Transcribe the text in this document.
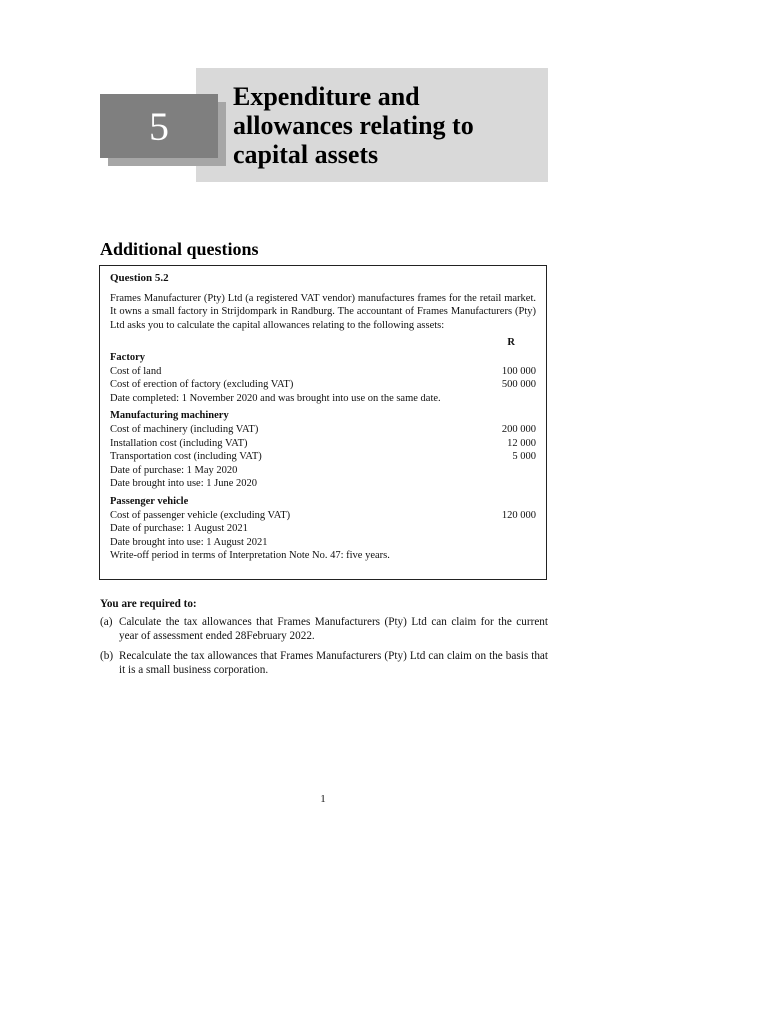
5
Expenditure and allowances relating to capital assets
Additional questions
Question 5.2
Frames Manufacturer (Pty) Ltd (a registered VAT vendor) manufactures frames for the retail market. It owns a small factory in Strijdompark in Randburg. The accountant of Frames Manufacturers (Pty) Ltd asks you to calculate the capital allowances relating to the following assets:
R
Factory
Cost of land	100 000
Cost of erection of factory (excluding VAT)	500 000
Date completed: 1 November 2020 and was brought into use on the same date.
Manufacturing machinery
Cost of machinery (including VAT)	200 000
Installation cost (including VAT)	12 000
Transportation cost (including VAT)	5 000
Date of purchase: 1 May 2020
Date brought into use: 1 June 2020
Passenger vehicle
Cost of passenger vehicle (excluding VAT)	120 000
Date of purchase: 1 August 2021
Date brought into use: 1 August 2021
Write-off period in terms of Interpretation Note No. 47: five years.
You are required to:
(a) Calculate the tax allowances that Frames Manufacturers (Pty) Ltd can claim for the current year of assessment ended 28February 2022.
(b) Recalculate the tax allowances that Frames Manufacturers (Pty) Ltd can claim on the basis that it is a small business corporation.
1
